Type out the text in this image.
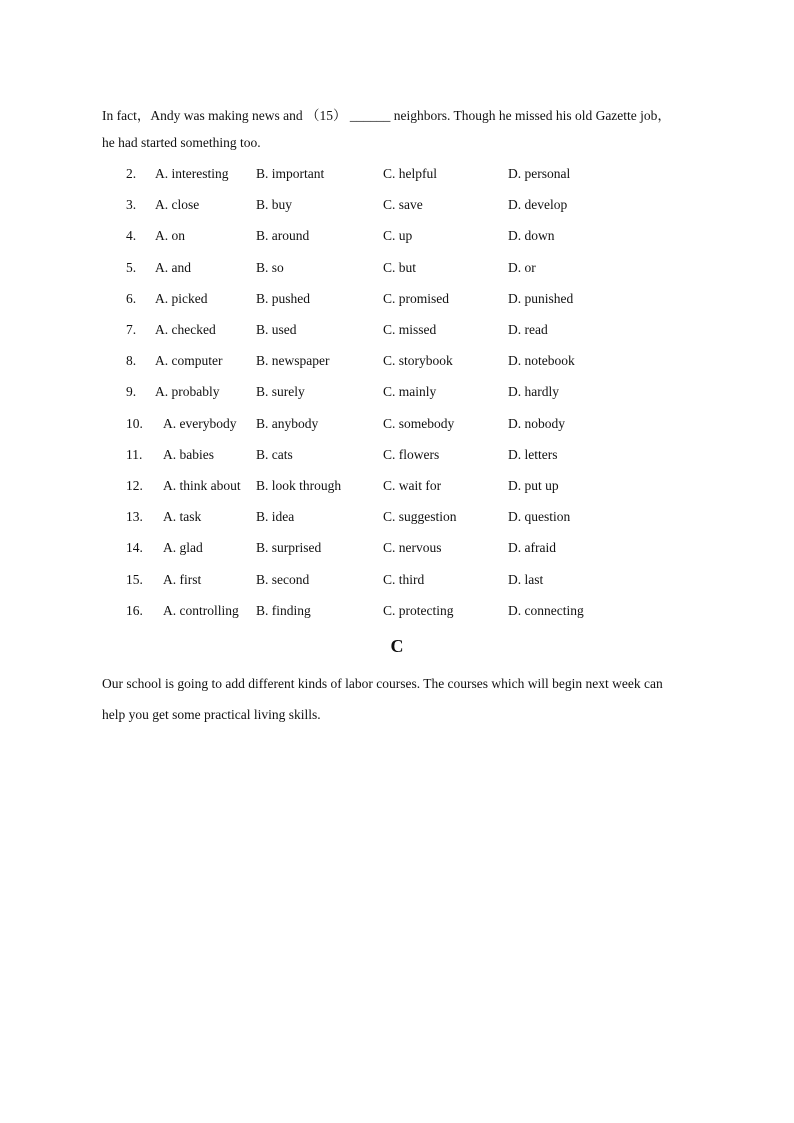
In fact，Andy was making news and （15） ______ neighbors. Though he missed his old Gazette job，
he had started something too.
2. A. interesting B. important	C. helpful	D. personal
3. A. close	B. buy	C. save	D. develop
4. A. on	B. around	C. up	D. down
5. A. and	B. so	C. but	D. or
6. A. picked	B. pushed	C. promised	D. punished
7. A. checked	B. used	C. missed	D. read
8. A. computer B. newspaper	C. storybook	D. notebook
9. A. probably	B. surely	C. mainly	D. hardly
10. A. everybody B. anybody	C. somebody	D. nobody
11. A. babies	B. cats	C. flowers	D. letters
12. A. think about B. look through	C. wait for	D. put up
13. A. task	B. idea	C. suggestion	D. question
14. A. glad	B. surprised	C. nervous	D. afraid
15. A. first	B. second	C. third	D. last
16. A. controlling B. finding	C. protecting	D. connecting
C
Our school is going to add different kinds of labor courses. The courses which will begin next week can
help you get some practical living skills.
